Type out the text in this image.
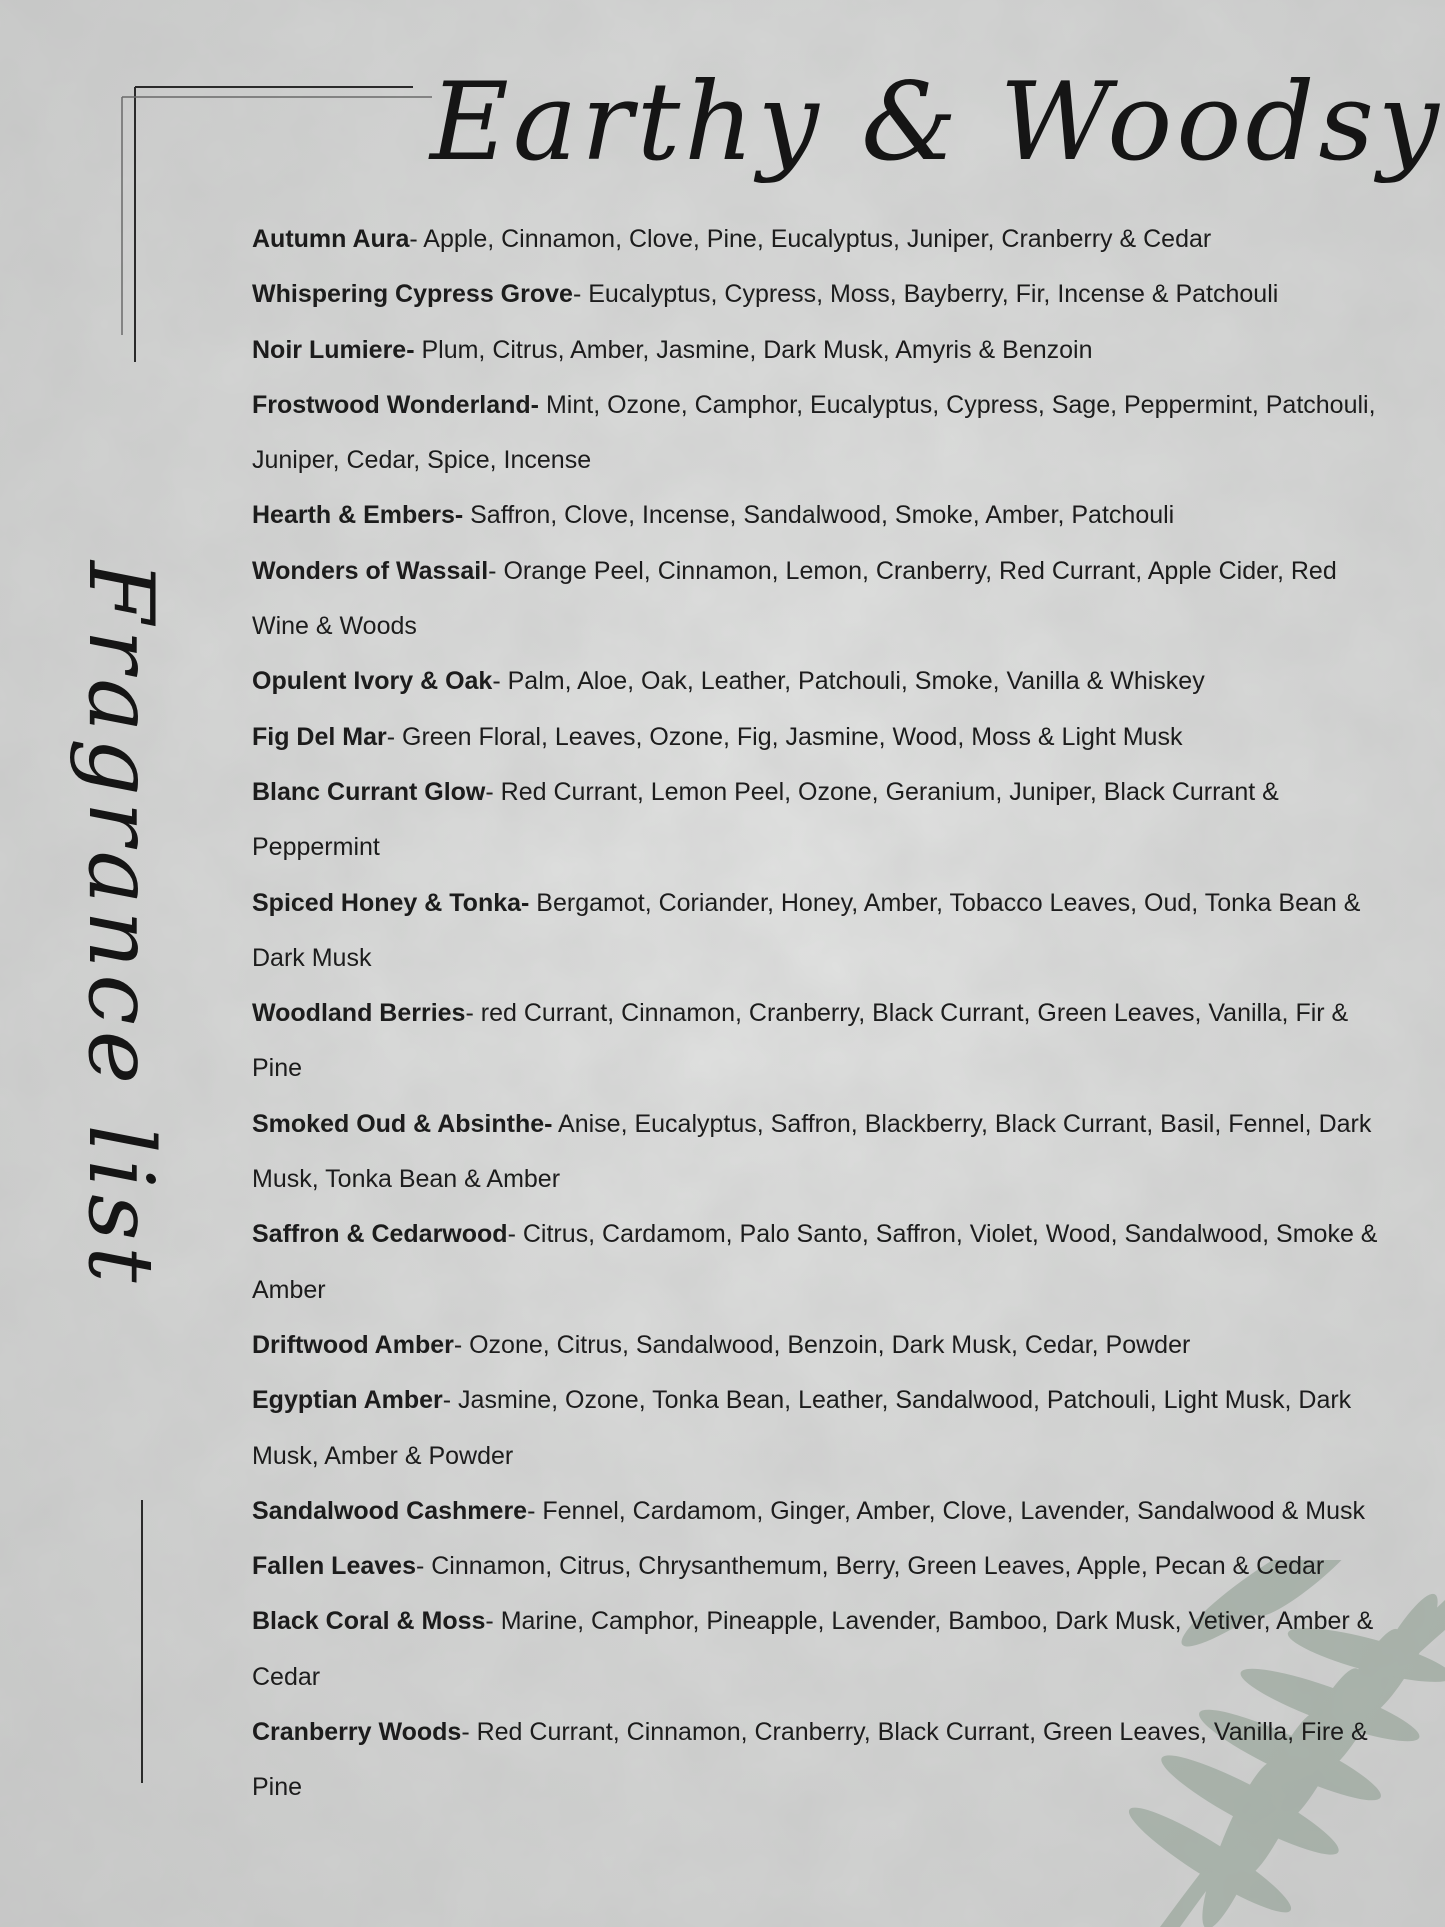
Earthy & Woodsy
Fragrance list

Autumn Aura- Apple, Cinnamon, Clove, Pine, Eucalyptus, Juniper, Cranberry & Cedar

Whispering Cypress Grove- Eucalyptus, Cypress, Moss, Bayberry, Fir, Incense & Patchouli

Noir Lumiere- Plum, Citrus, Amber, Jasmine, Dark Musk, Amyris & Benzoin

Frostwood Wonderland- Mint, Ozone, Camphor, Eucalyptus, Cypress, Sage, Peppermint, Patchouli, Juniper, Cedar, Spice, Incense

Hearth & Embers- Saffron, Clove, Incense, Sandalwood, Smoke, Amber, Patchouli

Wonders of Wassail- Orange Peel, Cinnamon, Lemon, Cranberry, Red Currant, Apple Cider, Red Wine & Woods

Opulent Ivory & Oak- Palm, Aloe, Oak, Leather, Patchouli, Smoke, Vanilla & Whiskey

Fig Del Mar- Green Floral, Leaves, Ozone, Fig, Jasmine, Wood, Moss & Light Musk

Blanc Currant Glow- Red Currant, Lemon Peel, Ozone, Geranium, Juniper, Black Currant & Peppermint

Spiced Honey & Tonka- Bergamot, Coriander, Honey, Amber, Tobacco Leaves, Oud, Tonka Bean & Dark Musk

Woodland Berries- red Currant, Cinnamon, Cranberry, Black Currant, Green Leaves, Vanilla, Fir & Pine

Smoked Oud & Absinthe- Anise, Eucalyptus, Saffron, Blackberry, Black Currant, Basil, Fennel, Dark Musk, Tonka Bean & Amber

Saffron & Cedarwood- Citrus, Cardamom, Palo Santo, Saffron, Violet, Wood, Sandalwood, Smoke & Amber

Driftwood Amber- Ozone, Citrus, Sandalwood, Benzoin, Dark Musk, Cedar, Powder

Egyptian Amber- Jasmine, Ozone, Tonka Bean, Leather, Sandalwood, Patchouli, Light Musk, Dark Musk, Amber & Powder

Sandalwood Cashmere- Fennel, Cardamom, Ginger, Amber, Clove, Lavender, Sandalwood & Musk

Fallen Leaves- Cinnamon, Citrus, Chrysanthemum, Berry, Green Leaves, Apple, Pecan & Cedar

Black Coral & Moss- Marine, Camphor, Pineapple, Lavender, Bamboo, Dark Musk, Vetiver, Amber & Cedar

Cranberry Woods- Red Currant, Cinnamon, Cranberry, Black Currant, Green Leaves, Vanilla, Fire & Pine
